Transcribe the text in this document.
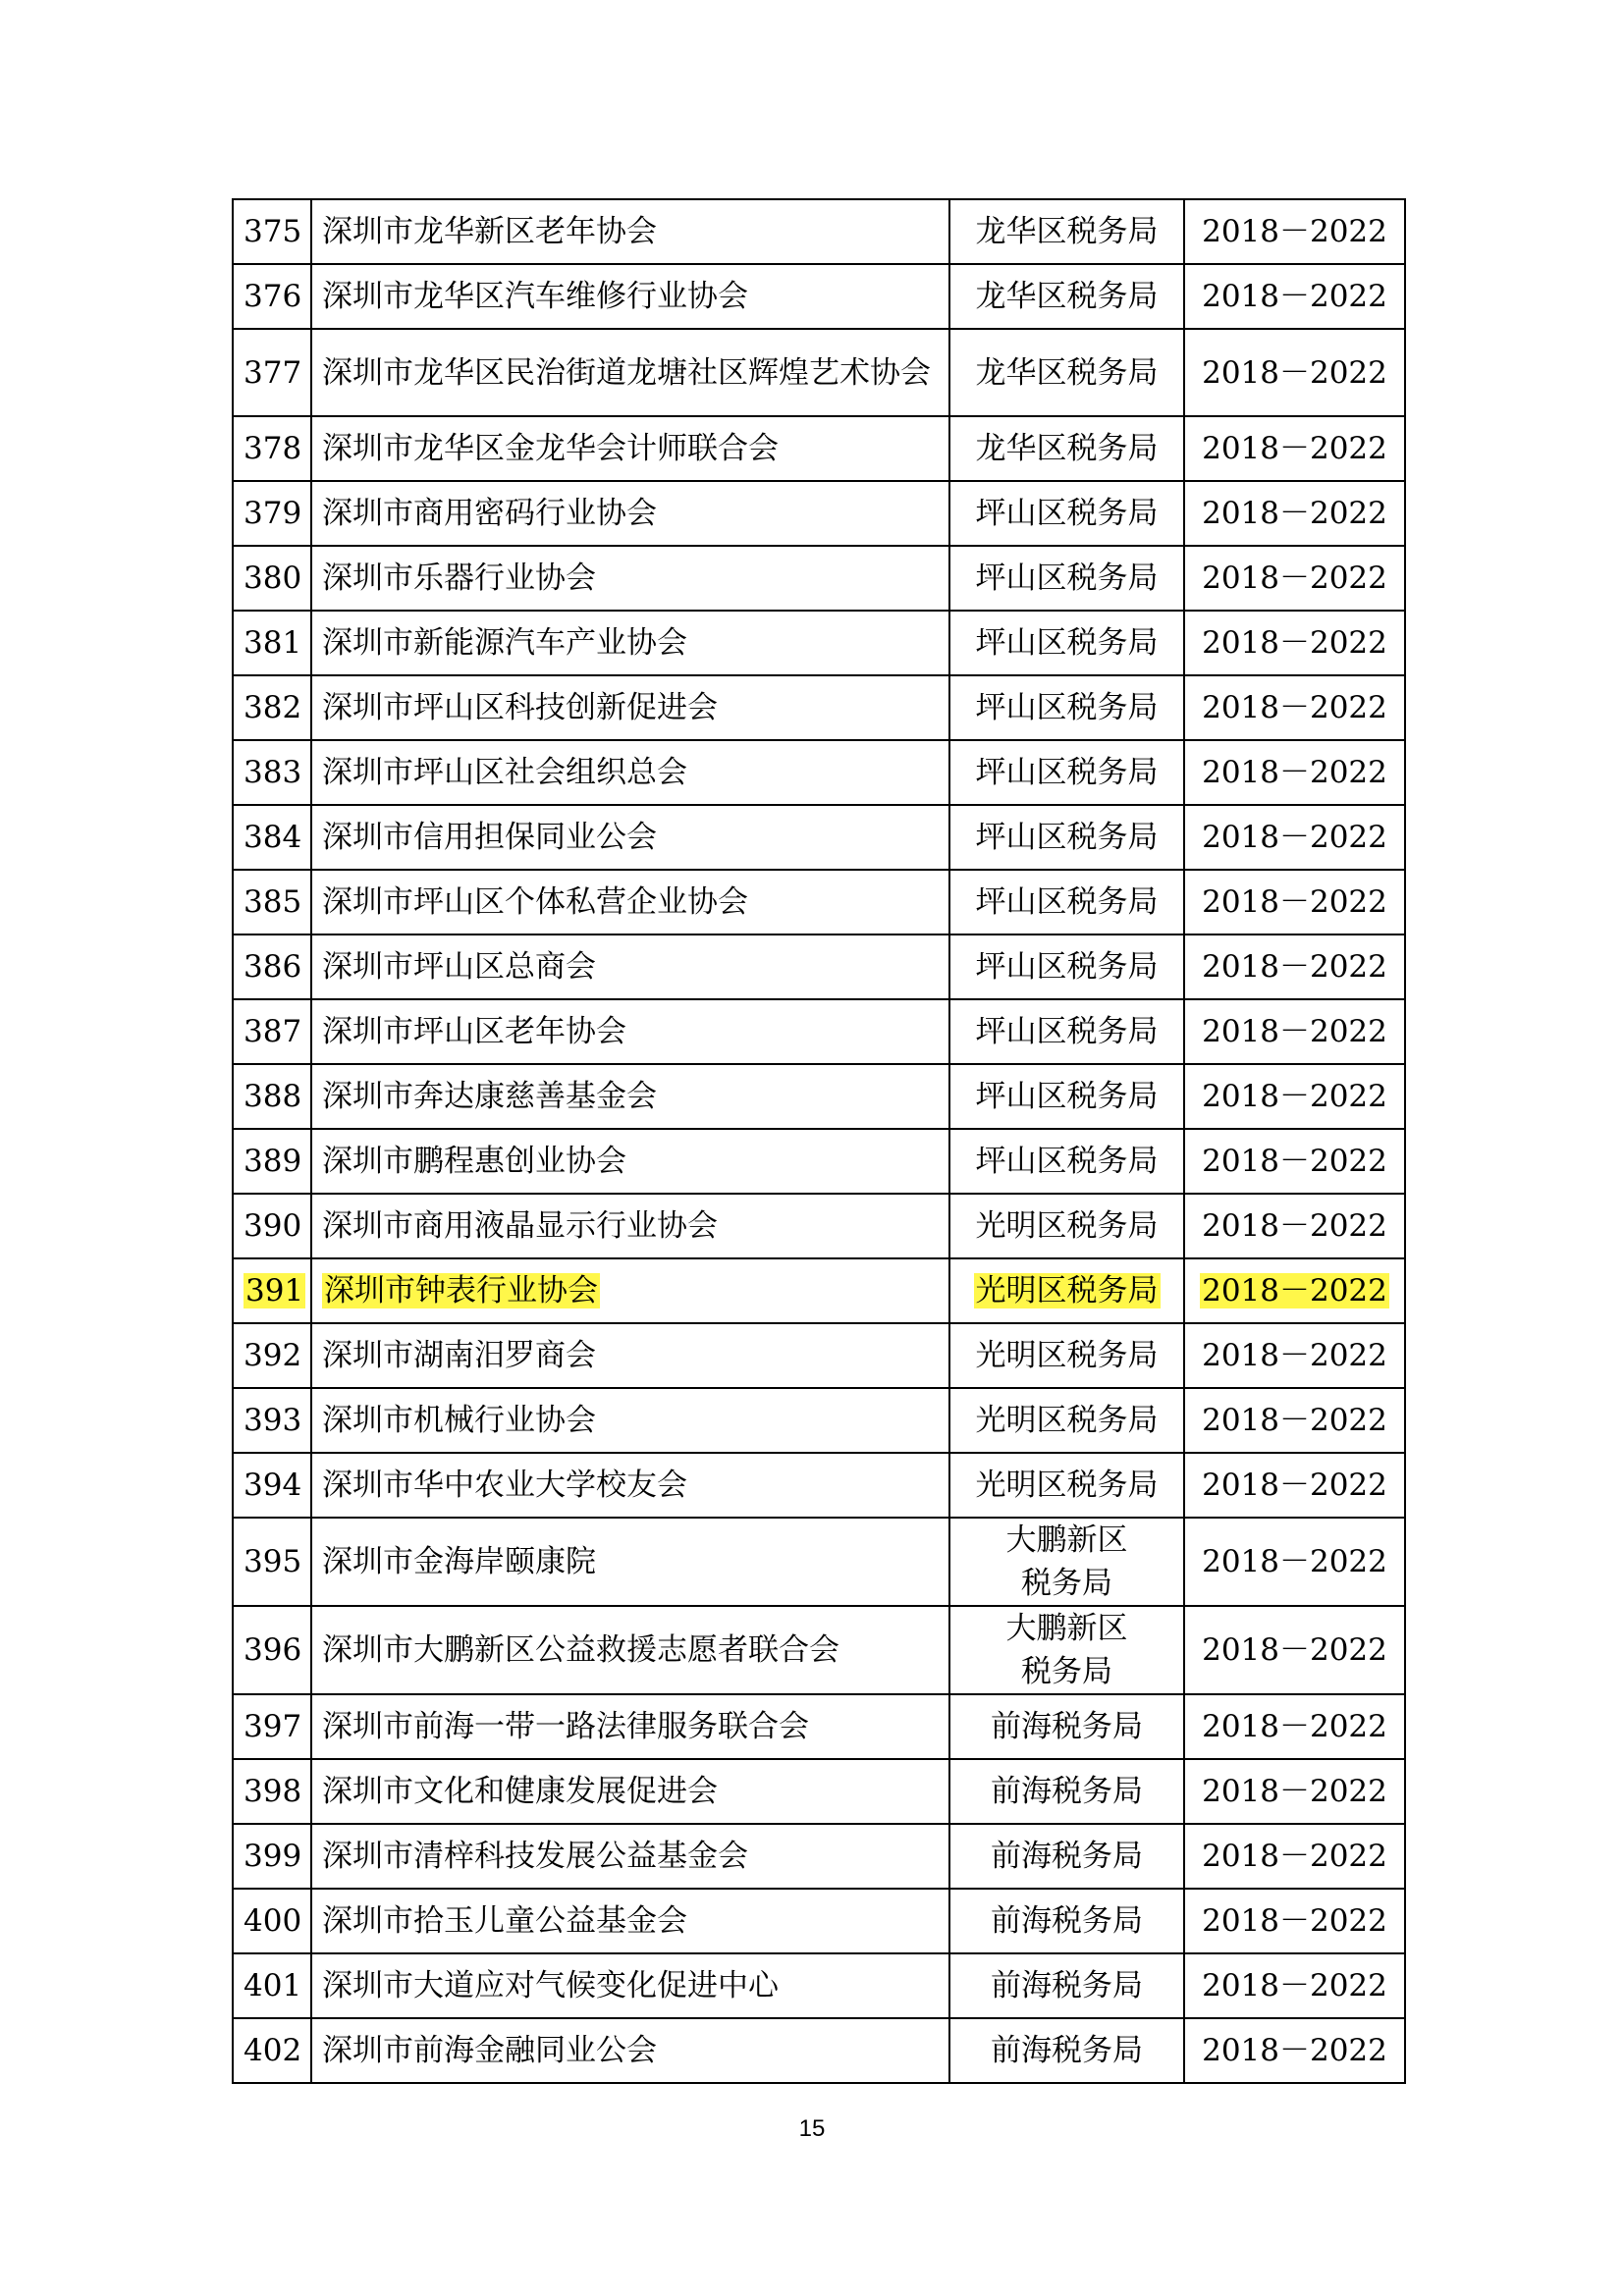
375	深圳市龙华新区老年协会	龙华区税务局	2018－2022
376	深圳市龙华区汽车维修行业协会	龙华区税务局	2018－2022
377	深圳市龙华区民治街道龙塘社区辉煌艺术协会	龙华区税务局	2018－2022
378	深圳市龙华区金龙华会计师联合会	龙华区税务局	2018－2022
379	深圳市商用密码行业协会	坪山区税务局	2018－2022
380	深圳市乐器行业协会	坪山区税务局	2018－2022
381	深圳市新能源汽车产业协会	坪山区税务局	2018－2022
382	深圳市坪山区科技创新促进会	坪山区税务局	2018－2022
383	深圳市坪山区社会组织总会	坪山区税务局	2018－2022
384	深圳市信用担保同业公会	坪山区税务局	2018－2022
385	深圳市坪山区个体私营企业协会	坪山区税务局	2018－2022
386	深圳市坪山区总商会	坪山区税务局	2018－2022
387	深圳市坪山区老年协会	坪山区税务局	2018－2022
388	深圳市奔达康慈善基金会	坪山区税务局	2018－2022
389	深圳市鹏程惠创业协会	坪山区税务局	2018－2022
390	深圳市商用液晶显示行业协会	光明区税务局	2018－2022
391	深圳市钟表行业协会	光明区税务局	2018－2022
392	深圳市湖南汨罗商会	光明区税务局	2018－2022
393	深圳市机械行业协会	光明区税务局	2018－2022
394	深圳市华中农业大学校友会	光明区税务局	2018－2022
395	深圳市金海岸颐康院	大鹏新区
税务局	2018－2022
396	深圳市大鹏新区公益救援志愿者联合会	大鹏新区
税务局	2018－2022
397	深圳市前海一带一路法律服务联合会	前海税务局	2018－2022
398	深圳市文化和健康发展促进会	前海税务局	2018－2022
399	深圳市清梓科技发展公益基金会	前海税务局	2018－2022
400	深圳市拾玉儿童公益基金会	前海税务局	2018－2022
401	深圳市大道应对气候变化促进中心	前海税务局	2018－2022
402	深圳市前海金融同业公会	前海税务局	2018－2022
15
